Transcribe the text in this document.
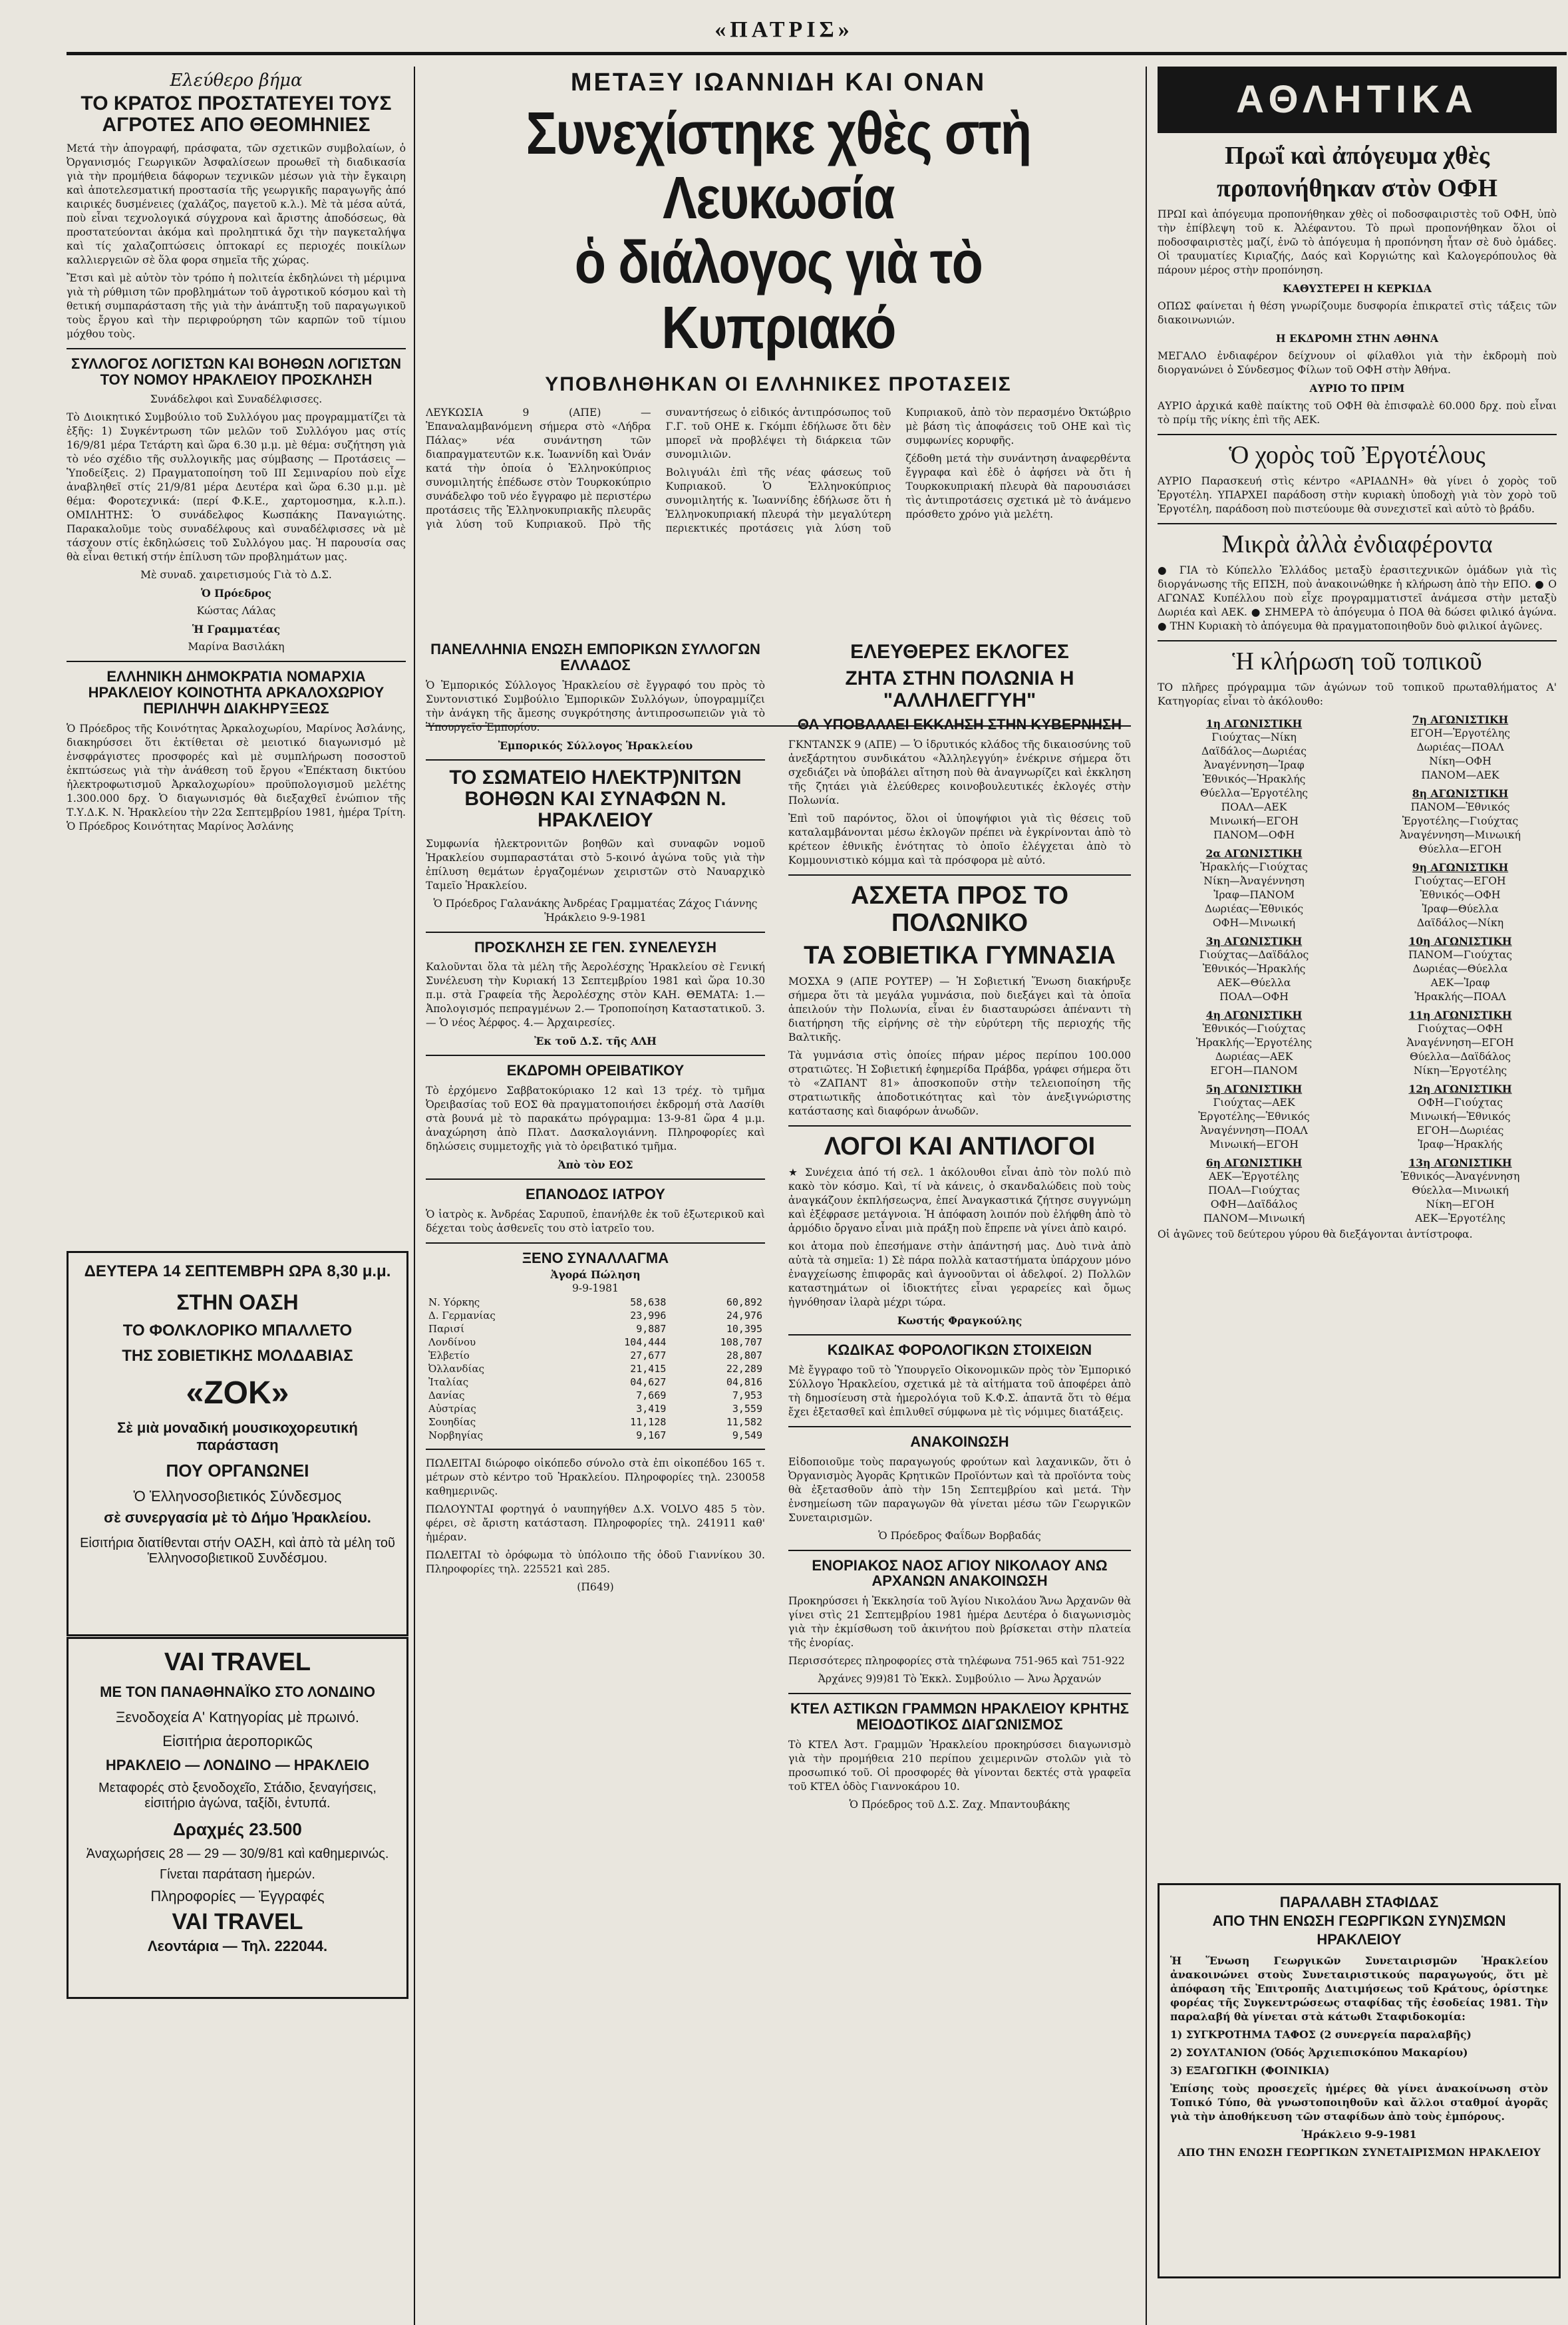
«ΠΑΤΡΙΣ»
Ελεύθερο βήμα
ΤΟ ΚΡΑΤΟΣ ΠΡΟΣΤΑΤΕΥΕΙ ΤΟΥΣ ΑΓΡΟΤΕΣ ΑΠΟ ΘΕΟΜΗΝΙΕΣ

Μετά τὴν ἀπογραφή, πράσφατα, τῶν σχετικῶν συμβολαίων, ὁ Ὀργανισμός Γεωργικῶν Ἀσφαλίσεων προωθεῖ τὴ διαδικασία γιὰ τὴν προμήθεια δάφορων τεχνικῶν μέσων γιὰ τὴν ἔγκαιρη καὶ ἀποτελεσματική προστασία τῆς γεωργικῆς παραγωγῆς ἀπό καιρικές δυσμένειες (χαλάζος, παγετοῦ κ.λ.). Μὲ τὰ μέσα αὐτά, ποὺ εἶναι τεχνολογικά σύγχρονα καὶ ἄριστης ἀποδόσεως, θὰ προστατεύονται ἀκόμα καὶ προληπτικά ὄχι τὴν παγκεταλήψα καὶ τίς χαλαζοπτώσεις ὁπτοκαρί ες περιοχές ποικίλων καλλιεργειῶν σὲ ὅλα φορα σημεῖα τῆς χώρας.

Ἔτσι καὶ μὲ αὐτὸν τὸν τρόπο ἡ πολιτεία ἐκδηλώνει τὴ μέριμνα γιὰ τὴ ρύθμιση τῶν προβλημάτων τοῦ ἀγροτικοῦ κόσμου καὶ τὴ θετική συμπαράσταση τῆς γιὰ τὴν ἀνάπτυξη τοῦ παραγωγικοῦ τοὺς ἔργου καὶ τὴν περιφρούρηση τῶν καρπῶν τοῦ τίμιου μόχθου τοὺς.

ΣΥΛΛΟΓΟΣ ΛΟΓΙΣΤΩΝ ΚΑΙ ΒΟΗΘΩΝ ΛΟΓΙΣΤΩΝ ΤΟΥ ΝΟΜΟΥ ΗΡΑΚΛΕΙΟΥ ΠΡΟΣΚΛΗΣΗ

Συνάδελφοι καὶ Συναδέλφισσες.

Τὸ Διοικητικό Συμβούλιο τοῦ Συλλόγου μας προγραμματίζει τὰ ἑξῆς: 1) Συγκέντρωση τῶν μελῶν τοῦ Συλλόγου μας στίς 16/9/81 μέρα Τετάρτη καὶ ὥρα 6.30 μ.μ. μὲ θέμα: συζήτηση γιὰ τὸ νέο σχέδιο τῆς συλλογικῆς μας σύμβασης — Προτάσεις — Ὑποδείξεις. 2) Πραγματοποίηση τοῦ ΙΙΙ Σεμιναρίου ποὺ εἶχε ἀναβληθεῖ στίς 21/9/81 μέρα Δευτέρα καὶ ὥρα 6.30 μ.μ. μὲ θέμα: Φοροτεχνικά: (περί Φ.Κ.Ε., χαρτομοσημα, κ.λ.π.). ΟΜΙΛΗΤΗΣ: Ὁ συνάδελφος Κωσπάκης Παναγιώτης. Παρακαλοῦμε τοὺς συναδέλφους καὶ συναδέλφισσες νὰ μὲ τάσχουν στίς ἐκδηλώσεις τοῦ Συλλόγου μας. Ἡ παρουσία σας θὰ εἶναι θετική στήν ἐπίλυση τῶν προβλημάτων μας.

Μὲ συναδ. χαιρετισμούς Γιὰ τὸ Δ.Σ.

Ὁ Πρόεδρος

Κώστας Λάλας

Ἡ Γραμματέας

Μαρίνα Βασιλάκη

ΕΛΛΗΝΙΚΗ ΔΗΜΟΚΡΑΤΙΑ ΝΟΜΑΡΧΙΑ ΗΡΑΚΛΕΙΟΥ ΚΟΙΝΟΤΗΤΑ ΑΡΚΑΛΟΧΩΡΙΟΥ ΠΕΡΙΛΗΨΗ ΔΙΑΚΗΡΥΞΕΩΣ

Ὁ Πρόεδρος τῆς Κοινότητας Ἀρκαλοχωρίου, Μαρίνος Ἀσλάνης, διακηρύσσει ὅτι ἐκτίθεται σὲ μειοτικό διαγωνισμό μὲ ἐνσφράγιστες προσφορές καὶ μὲ συμπλήρωση ποσοστοῦ ἐκπτώσεως γιὰ τὴν ἀνάθεση τοῦ ἔργου «Ἐπέκταση δικτύου ἠλεκτροφωτισμοῦ Ἀρκαλοχωρίου» προϋπολογισμοῦ μελέτης 1.300.000 δρχ. Ὁ διαγωνισμός θὰ διεξαχθεῖ ἐνώπιον τῆς Τ.Υ.Δ.Κ. Ν. Ἡρακλείου τὴν 22α Σεπτεμβρίου 1981, ἡμέρα Τρίτη. Ὁ Πρόεδρος Κοινότητας Μαρίνος Ἀσλάνης

ΔΕΥΤΕΡΑ 14 ΣΕΠΤΕΜΒΡΗ ΩΡΑ 8,30 μ.μ.
ΣΤΗΝ ΟΑΣΗ
ΤΟ ΦΟΛΚΛΟΡΙΚΟ ΜΠΑΛΛΕΤΟ
ΤΗΣ ΣΟΒΙΕΤΙΚΗΣ ΜΟΛΔΑΒΙΑΣ
«ΖΟΚ»
Σὲ μιὰ μοναδική μουσικοχορευτική παράσταση
ΠΟΥ ΟΡΓΑΝΩΝΕΙ
Ὁ Ἑλληνοσοβιετικός Σύνδεσμος
σὲ συνεργασία μὲ τὸ Δήμο Ἡρακλείου.
Εἰσιτήρια διατίθενται στήν ΟΑΣΗ, καὶ ἀπὸ τὰ μέλη τοῦ Ἑλληνοσοβιετικοῦ Συνδέσμου.
VAI TRAVEL
ΜΕ ΤΟΝ ΠΑΝΑΘΗΝΑΪΚΟ ΣΤΟ ΛΟΝΔΙΝΟ
Ξενοδοχεία Α' Κατηγορίας μὲ πρωινό.
Εἰσιτήρια ἀεροπορικῶς
ΗΡΑΚΛΕΙΟ — ΛΟΝΔΙΝΟ — ΗΡΑΚΛΕΙΟ
Μεταφορές στὸ ξενοδοχεῖο, Στάδιο, ξεναγήσεις, εἰσιτήριο ἀγώνα, ταξίδι, ἐντυπά.
Δραχμές 23.500
Ἀναχωρήσεις 28 — 29 — 30/9/81 καὶ καθημερινώς.
Γίνεται παράταση ἡμερών.
Πληροφορίες — Ἐγγραφές
VAI TRAVEL
Λεοντάρια — Τηλ. 222044.
ΜΕΤΑΞΥ ΙΩΑΝΝΙΔΗ ΚΑΙ ΟΝΑΝ
Συνεχίστηκε χθὲς στὴ Λευκωσία
ὁ διάλογος γιὰ τὸ Κυπριακό
ΥΠΟΒΛΗΘΗΚΑΝ ΟΙ ΕΛΛΗΝΙΚΕΣ ΠΡΟΤΑΣΕΙΣ

ΛΕΥΚΩΣΙΑ 9 (ΑΠΕ) — Ἐπαναλαμβανόμενη σήμερα στὸ «Λήδρα Πάλας» νέα συνάντηση τῶν διαπραγματευτῶν κ.κ. Ἰωαννίδη καὶ Ὀνάν κατά τὴν ὁποία ὁ Ἑλληνοκύπριος συνομιλητής ἐπέδωσε στὸν Τουρκοκύπριο συνάδελφο τοῦ νέο ἔγγραφο μὲ περιστέρω προτάσεις τῆς Ἑλληνοκυπριακῆς πλευρᾶς γιὰ λύση τοῦ Κυπριακοῦ. Πρὸ τῆς συναντήσεως ὁ εἰδικός ἀντιπρόσωπος τοῦ Γ.Γ. τοῦ ΟΗΕ κ. Γκόμπι ἐδήλωσε ὅτι δὲν μπορεῖ νὰ προβλέψει τὴ διάρκεια τῶν συνομιλιῶν.

Βολιγυάλι ἐπὶ τῆς νέας φάσεως τοῦ Κυπριακοῦ. Ὁ Ἑλληνοκύπριος συνομιλητής κ. Ἰωαννίδης ἐδήλωσε ὅτι ἡ Ἑλληνοκυπριακή πλευρά τὴν μεγαλύτερη περιεκτικές προτάσεις γιὰ λύση τοῦ Κυπριακοῦ, ἀπὸ τὸν περασμένο Ὀκτώβριο μὲ βάση τὶς ἀποφάσεις τοῦ ΟΗΕ καὶ τὶς συμφωνίες κορυφῆς.

ζέδοθη μετά τὴν συνάντηση ἀναφερθέντα ἔγγραφα καὶ ἐδὲ ὁ ἀφήσει νὰ ὄτι ἡ Τουρκοκυπριακή πλευρὰ θὰ παρουσιάσει τὶς ἀντιπροτάσεις σχετικά μὲ τὸ ἀνάμενο πρόσθετο χρόνο γιὰ μελέτη.

ΠΑΝΕΛΛΗΝΙΑ ΕΝΩΣΗ ΕΜΠΟΡΙΚΩΝ ΣΥΛΛΟΓΩΝ ΕΛΛΑΔΟΣ

Ὁ Ἐμπορικός Σύλλογος Ἡρακλείου σὲ ἔγγραφό του πρὸς τὸ Συντονιστικό Συμβούλιο Ἐμπορικῶν Συλλόγων, ὑπογραμμίζει τὴν ἀνάγκη τῆς ἄμεσης συγκρότησης ἀντιπροσωπειῶν γιὰ τὸ Ὑπουργεῖο Ἐμπορίου.

Ἐμπορικός Σύλλογος Ἡρακλείου

ΤΟ ΣΩΜΑΤΕΙΟ ΗΛΕΚΤΡ)ΝΙΤΩΝ ΒΟΗΘΩΝ ΚΑΙ ΣΥΝΑΦΩΝ Ν. ΗΡΑΚΛΕΙΟΥ

Συμφωνία ἠλεκτρονιτῶν βοηθῶν καὶ συναφῶν νομοῦ Ἡρακλείου συμπαραστάται στὸ 5-κοινό ἀγώνα τοῦς γιὰ τὴν ἐπίλυση θεμάτων ἐργαζομένων χειριστῶν στὸ Ναυαρχικὸ Ταμεῖο Ἡρακλείου.

Ὁ Πρόεδρος Γαλανάκης Ἀνδρέας Γραμματέας Ζάχος Γιάννης Ἡράκλειο 9-9-1981

ΠΡΟΣΚΛΗΣΗ ΣΕ ΓΕΝ. ΣΥΝΕΛΕΥΣΗ

Καλοῦνται ὅλα τὰ μέλη τῆς Ἀερολέσχης Ἡρακλείου σὲ Γενική Συνέλευση τὴν Κυριακή 13 Σεπτεμβρίου 1981 καὶ ὥρα 10.30 π.μ. στὰ Γραφεία τῆς Ἀερολέσχης στὸν ΚΑΗ. ΘΕΜΑΤΑ: 1.— Ἀπολογισμός πεπραγμένων 2.— Τροποποίηση Καταστατικοῦ. 3.— Ὁ νέος Ἀέρφος. 4.— Ἀρχαιρεσίες.

Ἐκ τοῦ Δ.Σ. τῆς ΑΛΗ

ΕΚΔΡΟΜΗ ΟΡΕΙΒΑΤΙΚΟΥ

Τὸ ἐρχόμενο Σαββατοκύριακο 12 καὶ 13 τρέχ. τὸ τμῆμα Ὀρειβασίας τοῦ ΕΟΣ θὰ πραγματοποιήσει ἐκδρομή στὰ Λασίθι στὰ βουνά μὲ τὸ παρακάτω πρόγραμμα: 13-9-81 ὥρα 4 μ.μ. ἀναχώρηση ἀπὸ Πλατ. Δασκαλογιάννη. Πληροφορίες καὶ δηλώσεις συμμετοχῆς γιὰ τὸ ὀρειβατικό τμῆμα.

Ἀπὸ τὸν ΕΟΣ

ΕΠΑΝΟΔΟΣ ΙΑΤΡΟΥ

Ὁ ἰατρὸς κ. Ἀνδρέας Σαρυποῦ, ἐπανήλθε ἐκ τοῦ ἐξωτερικοῦ καὶ δέχεται τοὺς ἀσθενεῖς του στὸ ἰατρεῖο του.

ΞΕΝΟ ΣΥΝΑΛΛΑΓΜΑ

Ἀγορά Πώληση

9-9-1981

Ν. Υόρκης	58,638	60,892
Δ. Γερμανίας	23,996	24,976
Παρισί	9,887	10,395
Λονδίνου	104,444	108,707
Ἑλβετίο	27,677	28,807
Ὀλλανδίας	21,415	22,289
Ἰταλίας	04,627	04,816
Δανίας	7,669	7,953
Αὐστρίας	3,419	3,559
Σουηδίας	11,128	11,582
Νορβηγίας	9,167	9,549

ΠΩΛΕΙΤΑΙ διώροφο οἰκόπεδο σύνολο στὰ ἐπι οἰκοπέδου 165 τ. μέτρων στὸ κέντρο τοῦ Ἡρακλείου. Πληροφορίες τηλ. 230058 καθημερινῶς.

ΠΩΛΟΥΝΤΑΙ φορτηγά ὁ ναυπηγήθεν Δ.Χ. VOLVO 485 5 τὸν. φέρει, σὲ ἄριστη κατάσταση. Πληροφορίες τηλ. 241911 καθ' ἡμέραν.

ΠΩΛΕΙΤΑΙ τὸ ὀρόφωμα τὸ ὑπόλοιπο τῆς ὁδοῦ Γιαννίκου 30. Πληροφορίες τηλ. 225521 καὶ 285.

(Π649)

ΕΛΕΥΘΕΡΕΣ ΕΚΛΟΓΕΣ
ΖΗΤΑ ΣΤΗΝ ΠΟΛΩΝΙΑ Η "ΑΛΛΗΛΕΓΓΥΗ"
ΘΑ ΥΠΟΒΑΛΛΕΙ ΕΚΚΛΗΣΗ ΣΤΗΝ ΚΥΒΕΡΝΗΣΗ

ΓΚΝΤΑΝΣΚ 9 (ΑΠΕ) — Ὁ ἱδρυτικός κλάδος τῆς δικαιοσύνης τοῦ ἀνεξάρτητου συνδικάτου «Ἀλληλεγγύη» ἐνέκρινε σήμερα ὅτι σχεδιάζει νὰ ὑποβάλει αἴτηση ποὺ θὰ ἀναγνωρίζει καὶ ἐκκληση τῆς ζητάει γιὰ ἐλεύθερες κοινοβουλευτικές ἐκλογές στὴν Πολωνία.

Ἐπὶ τοῦ παρόντος, ὅλοι οἱ ὑποψήφιοι γιὰ τὶς θέσεις τοῦ καταλαμβάνονται μέσω ἐκλογῶν πρέπει νὰ ἐγκρίνονται ἀπὸ τὸ κρέτεον ἐθνικῆς ἑνότητας τὸ ὁποῖο ἐλέγχεται ἀπὸ τὸ Κομμουνιστικὸ κόμμα καὶ τὰ πρόσφορα μὲ αὐτό.

ΑΣΧΕΤΑ ΠΡΟΣ ΤΟ ΠΟΛΩΝΙΚΟ
ΤΑ ΣΟΒΙΕΤΙΚΑ ΓΥΜΝΑΣΙΑ

ΜΟΣΧΑ 9 (ΑΠΕ ΡΟΥΤΕΡ) — Ἡ Σοβιετική Ἕνωση διακήρυξε σήμερα ὅτι τὰ μεγάλα γυμνάσια, ποὺ διεξάγει καὶ τὰ ὁποῖα ἀπειλούν τὴν Πολωνία, εἶναι ἐν διασταυρώσει ἀπέναντι τὴ διατήρηση τῆς εἰρήνης σὲ τὴν εὐρύτερη τῆς περιοχής τῆς Βαλτικῆς.

Τὰ γυμνάσια στὶς ὁποίες πήραν μέρος περίπου 100.000 στρατιῶτες. Ἡ Σοβιετική ἐφημερίδα Πράβδα, γράφει σήμερα ὅτι τὸ «ΖΑΠΑΝΤ 81» ἀποσκοποῦν στὴν τελειοποίηση τῆς στρατιωτικῆς ἀποδοτικότητας καὶ τὸν ἀνεξιγνώριστης κατάστασης καὶ διαφόρων ἀνωδῶν.

ΛΟΓΟΙ ΚΑΙ ΑΝΤΙΛΟΓΟΙ

★ Συνέχεια ἀπό τή σελ. 1 ἀκόλουθοι εἶναι ἀπὸ τὸν πολύ πιὸ κακὸ τὸν κόσμο. Καὶ, τί νὰ κάνεις, ὀ σκανδαλώδεις ποὺ τοὺς ἀναγκάζουν ἐκπλήσεωςνα, ἐπεί Ἀναγκαστικά ζήτησε συγγνώμη καὶ ἐξέφρασε μετάγνοια. Ἡ ἀπόφαση λοιπόν ποὺ ἐλήφθη ἀπὸ τὸ ἀρμόδιο ὄργανο εἶναι μιὰ πράξη ποὺ ἔπρεπε νὰ γίνει ἀπὸ καιρό.

κοι ἀτομα ποὺ ἐπεσήμανε στὴν ἀπάντησή μας. Δυὸ τινὰ ἀπὸ αὐτὰ τὰ σημεῖα: 1) Σὲ πάρα πολλὰ καταστήματα ὑπάρχουν μόνο ἐναγχείωσης ἐπιφορᾶς καὶ ἀγνοοῦνται οἱ ἀδελφοί. 2) Πολλῶν καταστημάτων οἱ ἰδιοκτήτες εἶναι γεραρείες καὶ ὄμως ἠγνόθησαν ἰλαρὰ μέχρι τώρα.

Κωστής Φραγκούλης

ΚΩΔΙΚΑΣ ΦΟΡΟΛΟΓΙΚΩΝ ΣΤΟΙΧΕΙΩΝ

Μὲ ἔγγραφο τοῦ τὸ Ὑπουργεῖο Οἰκονομικῶν πρὸς τὸν Ἐμπορικό Σύλλογο Ἡρακλείου, σχετικά μὲ τὰ αἰτήματα τοῦ ἀποφέρει ἀπὸ τὴ δημοσίευση στὰ ἡμερολόγια τοῦ Κ.Φ.Σ. ἀπαντᾶ ὅτι τὸ θέμα ἔχει ἐξετασθεῖ καὶ ἐπιλυθεῖ σύμφωνα μὲ τὶς νόμιμες διατάξεις.

ΑΝΑΚΟΙΝΩΣΗ

Εἰδοποιοῦμε τοὺς παραγωγούς φρούτων καὶ λαχανικῶν, ὅτι ὁ Ὀργανισμὸς Ἀγορᾶς Κρητικῶν Προϊόντων καὶ τὰ προϊόντα τοὺς θὰ ἐξετασθοῦν ἀπὸ τὴν 15η Σεπτεμβρίου καὶ μετά. Τὴν ἐνσημείωση τῶν παραγωγῶν θὰ γίνεται μέσω τῶν Γεωργικῶν Συνεταιρισμῶν.

Ὁ Πρόεδρος Φαΐδων Βορβαδάς

ΕΝΟΡΙΑΚΟΣ ΝΑΟΣ ΑΓΙΟΥ ΝΙΚΟΛΑΟΥ ΑΝΩ ΑΡΧΑΝΩΝ ΑΝΑΚΟΙΝΩΣΗ

Προκηρύσσει ἡ Ἐκκλησία τοῦ Ἁγίου Νικολάου Ἄνω Ἀρχανῶν θὰ γίνει στὶς 21 Σεπτεμβρίου 1981 ἡμέρα Δευτέρα ὁ διαγωνισμὸς γιὰ τὴν ἐκμίσθωση τοῦ ἀκινήτου ποὺ βρίσκεται στὴν πλατεία τῆς ἐνορίας.

Περισσότερες πληροφορίες στὰ τηλέφωνα 751-965 καὶ 751-922

Ἀρχάνες 9)9)81 Τὸ Ἐκκλ. Συμβούλιο — Ἀνω Ἀρχανών

ΚΤΕΛ ΑΣΤΙΚΩΝ ΓΡΑΜΜΩΝ ΗΡΑΚΛΕΙΟΥ ΚΡΗΤΗΣ ΜΕΙΟΔΟΤΙΚΟΣ ΔΙΑΓΩΝΙΣΜΟΣ

Τὸ ΚΤΕΛ Ἀστ. Γραμμῶν Ἡρακλείου προκηρύσσει διαγωνισμὸ γιὰ τὴν προμήθεια 210 περίπου χειμερινῶν στολῶν γιὰ τὸ προσωπικό τοῦ. Οἱ προσφορές θὰ γίνονται δεκτές στὰ γραφεῖα τοῦ ΚΤΕΛ ὁδὸς Γιαννοκάρου 10.

Ὁ Πρόεδρος τοῦ Δ.Σ. Ζαχ. Μπαντουβάκης

ΑΘΛΗΤΙΚΑ
Πρωΐ καὶ ἀπόγευμα χθὲς
προπονήθηκαν στὸν ΟΦΗ

ΠΡΩΙ καὶ ἀπόγευμα προπονήθηκαν χθὲς οἱ ποδοσφαιριστὲς τοῦ ΟΦΗ, ὑπὸ τὴν ἐπίβλεψη τοῦ κ. Ἀλέφαντου. Τὸ πρωὶ προπονήθηκαν ὅλοι οἱ ποδοσφαιριστὲς μαζί, ἐνῶ τὸ ἀπόγευμα ἡ προπόνηση ἦταν σὲ δυὸ ὁμάδες. Οἱ τραυματίες Κιριαζής, Δαός καὶ Κοργιώτης καὶ Καλογερόπουλος θὰ πάρουν μέρος στὴν προπόνηση.

ΚΑΘΥΣΤΕΡΕΙ Η ΚΕΡΚΙΔΑ

ΟΠΩΣ φαίνεται ἡ θέση γνωρίζουμε δυσφορία ἐπικρατεῖ στὶς τάξεις τῶν διακοινωνιών.

Η ΕΚΔΡΟΜΗ ΣΤΗΝ ΑΘΗΝΑ

ΜΕΓΑΛΟ ἐνδιαφέρον δείχνουν οἱ φίλαθλοι γιὰ τὴν ἐκδρομὴ ποὺ διοργανώνει ὁ Σύνδεσμος Φίλων τοῦ ΟΦΗ στὴν Ἀθήνα.

ΑΥΡΙΟ ΤΟ ΠΡΙΜ

ΑΥΡΙΟ ἀρχικά καθὲ παίκτης τοῦ ΟΦΗ θὰ ἐπισφαλὲ 60.000 δρχ. ποὺ εἶναι τὸ πρίμ τῆς νίκης ἐπὶ τῆς ΑΕΚ.

Ὁ χορὸς τοῦ Ἐργοτέλους

ΑΥΡΙΟ Παρασκευή στὶς κέντρο «ΑΡΙΑΔΝΗ» θὰ γίνει ὁ χορὸς τοῦ Ἐργοτέλη. ΥΠΑΡΧΕΙ παράδοση στὴν κυριακὴ ὑποδοχὴ γιὰ τὸν χορὸ τοῦ Ἐργοτέλη, παράδοση ποὺ πιστεύουμε θὰ συνεχιστεῖ καὶ αὐτὸ τὸ βράδυ.

Μικρὰ ἀλλὰ ἐνδιαφέροντα

● ΓΙΑ τὸ Κύπελλο Ἑλλάδος μεταξὺ ἐρασιτεχνικῶν ὁμάδων γιὰ τὶς διοργάνωσης τῆς ΕΠΣΗ, ποὺ ἀνακοινώθηκε ἡ κλήρωση ἀπὸ τὴν ΕΠΟ. ● Ο ΑΓΩΝΑΣ Κυπέλλου ποὺ εἶχε προγραμματιστεῖ ἀνάμεσα στὴν μεταξὺ Δωριέα καὶ ΑΕΚ. ● ΣΗΜΕΡΑ τὸ ἀπόγευμα ὁ ΠΟΑ θὰ δώσει φιλικό ἀγώνα. ● ΤΗΝ Κυριακὴ τὸ ἀπόγευμα θὰ πραγματοποιηθοῦν δυὸ φιλικοί ἀγῶνες.

Ἡ κλήρωση τοῦ τοπικοῦ

ΤΟ πλῆρες πρόγραμμα τῶν ἀγώνων τοῦ τοπικοῦ πρωταθλήματος Α' Κατηγορίας εἶναι τὸ ἀκόλουθο:

1η ΑΓΩΝΙΣΤΙΚΗ

Γιούχτας—Νίκη

Δαϊδάλος—Δωριέας

Ἀναγέννηση—Ἰραφ

Ἐθνικός—Ἡρακλής

Θύελλα—Ἐργοτέλης

ΠΟΑΛ—ΑΕΚ

Μινωική—ΕΓΟΗ

ΠΑΝΟΜ—ΟΦΗ

2α ΑΓΩΝΙΣΤΙΚΗ

Ἡρακλής—Γιούχτας

Νίκη—Ἀναγέννηση

Ἰραφ—ΠΑΝΟΜ

Δωριέας—Ἐθνικός

ΟΦΗ—Μινωική

3η ΑΓΩΝΙΣΤΙΚΗ

Γιούχτας—Δαϊδάλος

Ἐθνικός—Ἡρακλής

ΑΕΚ—Θύελλα

ΠΟΑΛ—ΟΦΗ

4η ΑΓΩΝΙΣΤΙΚΗ

Ἐθνικός—Γιούχτας

Ἡρακλής—Ἐργοτέλης

Δωριέας—ΑΕΚ

ΕΓΟΗ—ΠΑΝΟΜ

5η ΑΓΩΝΙΣΤΙΚΗ

Γιούχτας—ΑΕΚ

Ἐργοτέλης—Ἐθνικός

Ἀναγέννηση—ΠΟΑΛ

Μινωική—ΕΓΟΗ

6η ΑΓΩΝΙΣΤΙΚΗ

ΑΕΚ—Ἐργοτέλης

ΠΟΑΛ—Γιούχτας

ΟΦΗ—Δαϊδάλος

ΠΑΝΟΜ—Μινωική

7η ΑΓΩΝΙΣΤΙΚΗ

ΕΓΟΗ—Ἐργοτέλης

Δωριέας—ΠΟΑΛ

Νίκη—ΟΦΗ

ΠΑΝΟΜ—ΑΕΚ

8η ΑΓΩΝΙΣΤΙΚΗ

ΠΑΝΟΜ—Ἐθνικός

Ἐργοτέλης—Γιούχτας

Ἀναγέννηση—Μινωική

Θύελλα—ΕΓΟΗ

9η ΑΓΩΝΙΣΤΙΚΗ

Γιούχτας—ΕΓΟΗ

Ἐθνικός—ΟΦΗ

Ἰραφ—Θύελλα

Δαϊδάλος—Νίκη

10η ΑΓΩΝΙΣΤΙΚΗ

ΠΑΝΟΜ—Γιούχτας

Δωριέας—Θύελλα

ΑΕΚ—Ἰραφ

Ἡρακλής—ΠΟΑΛ

11η ΑΓΩΝΙΣΤΙΚΗ

Γιούχτας—ΟΦΗ

Ἀναγέννηση—ΕΓΟΗ

Θύελλα—Δαϊδάλος

Νίκη—Ἐργοτέλης

12η ΑΓΩΝΙΣΤΙΚΗ

ΟΦΗ—Γιούχτας

Μινωική—Ἐθνικός

ΕΓΟΗ—Δωριέας

Ἰραφ—Ἡρακλής

13η ΑΓΩΝΙΣΤΙΚΗ

Ἐθνικός—Ἀναγέννηση

Θύελλα—Μινωική

Νίκη—ΕΓΟΗ

ΑΕΚ—Ἐργοτέλης

Οἱ ἀγῶνες τοῦ δεύτερου γύρου θὰ διεξάγονται ἀντίστροφα.

ΠΑΡΑΛΑΒΗ ΣΤΑΦΙΔΑΣ
ΑΠΟ ΤΗΝ ΕΝΩΣΗ ΓΕΩΡΓΙΚΩΝ ΣΥΝ)ΣΜΩΝ
ΗΡΑΚΛΕΙΟΥ

Ἡ Ἕνωση Γεωργικῶν Συνεταιρισμῶν Ἡρακλείου ἀνακοινώνει στοὺς Συνεταιριστικούς παραγωγούς, ὅτι μὲ ἀπόφαση τῆς Ἐπιτροπῆς Διατιμήσεως τοῦ Κράτους, ὁρίστηκε φορέας τῆς Συγκεντρώσεως σταφίδας τῆς ἑσοδείας 1981. Τὴν παραλαβή θὰ γίνεται στὰ κάτωθι Σταφιδοκομία:

1) ΣΥΓΚΡΟΤΗΜΑ ΤΑΦΟΣ (2 συνεργεία παραλαβῆς)

2) ΣΟΥΛΤΑΝΙΟΝ (Ὁδός Ἀρχιεπισκόπου Μακαρίου)

3) ΕΞΑΓΩΓΙΚΗ (ΦΟΙΝΙΚΙΑ)

Ἐπίσης τοὺς προσεχεῖς ἡμέρες θὰ γίνει ἀνακοίνωση στὸν Τοπικό Τύπο, θὰ γνωστοποιηθοῦν καὶ ἄλλοι σταθμοί ἀγορᾶς γιὰ τὴν ἀποθήκευση τῶν σταφίδων ἀπὸ τοὺς ἐμπόρους.

Ἡράκλειο 9-9-1981

ΑΠΟ ΤΗΝ ΕΝΩΣΗ ΓΕΩΡΓΙΚΩΝ ΣΥΝΕΤΑΙΡΙΣΜΩΝ ΗΡΑΚΛΕΙΟΥ
